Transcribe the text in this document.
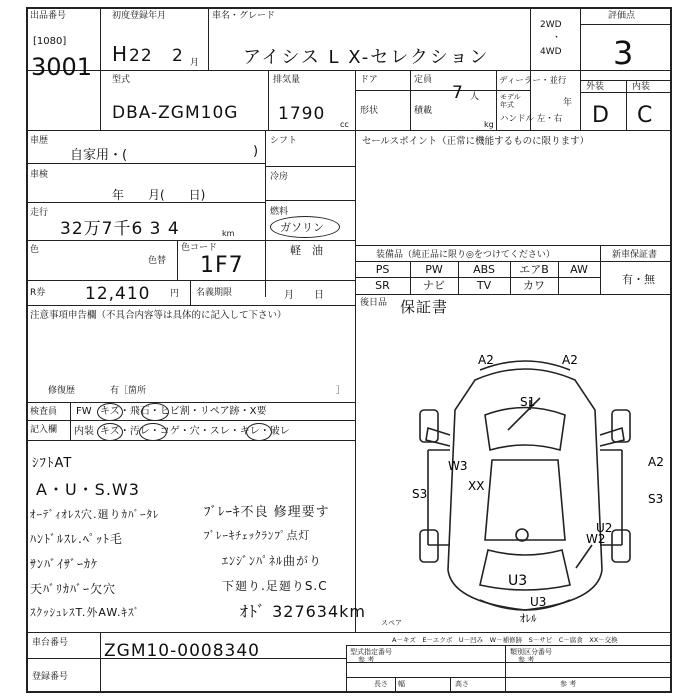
出品番号
[1080]
3001
初度登録年月
H 22 2 月
車名・グレード
アイシス L X-セレクション
2WD
・
4WD
評価点
3
型式
DBA-ZGM10G
排気量
1790
cc
ドア	定員
7 人
形状	積載
kg
ディーラー・並行
モデル
年式	年
ハンドル 左・右
外装	内装
D C
車歴
自家用・(	)
車検
年　　月(　　日)
走行
32万7千6 3 4	km
色
色替
色コード
1F7
R券 12,410 円 名義期限	月　　日
シフト
冷房
燃料
ガソリン
軽　油
セールスポイント（正常に機能するものに限ります）
装備品（純正品に限り◎をつけてください）	新車保証書
有・無
PS	PW	ABS	エアB	AW
SR	ナビ	TV	カワ
後日品 保証書
注意事項申告欄（不具合内容等は具体的に記入して下さい）
修復歴	有［箇所	］
検査員
記入欄
FW キズ・飛石・ヒビ割・リペア跡・X要
内装 キズ・汚レ・コゲ・穴・スレ・キレ・破レ
ｼﾌﾄAT
A・U・S.W3
ｵｰﾃﾞｨｵﾚｽ穴.廻りｶﾊﾞｰﾀﾚ	ﾌﾞﾚｰｷ不良 修理要す
ﾊﾝﾄﾞﾙｽﾚ.ﾍﾟｯﾄ毛	ﾌﾞﾚｰｷﾁｪｯｸﾗﾝﾌﾟ点灯
ｻﾝﾊﾞｲｻﾞｰｶｹ	ｴﾝｼﾞﾝﾊﾟﾈﾙ曲がり
天ﾊﾞﾘｶﾊﾞｰ欠穴	下廻り.足廻りS.C
ｽｸｯｼｭﾚｽT.外AW.ｷｽﾞ	ｵﾄﾞ 327634km
スペア
A2	A2
S1
W3
XX
A2
S3	S3
U2
W2
U3
U3
ｵﾚﾙ
A－キズ　E－エクボ　U－凹み　W－補修跡　S－サビ　C－腐食　XX－交換
車台番号 ZGM10-0008340
登録番号
型式指定番号
参 考
類別区分番号
参 考
長さ 幅	高さ	参 考
